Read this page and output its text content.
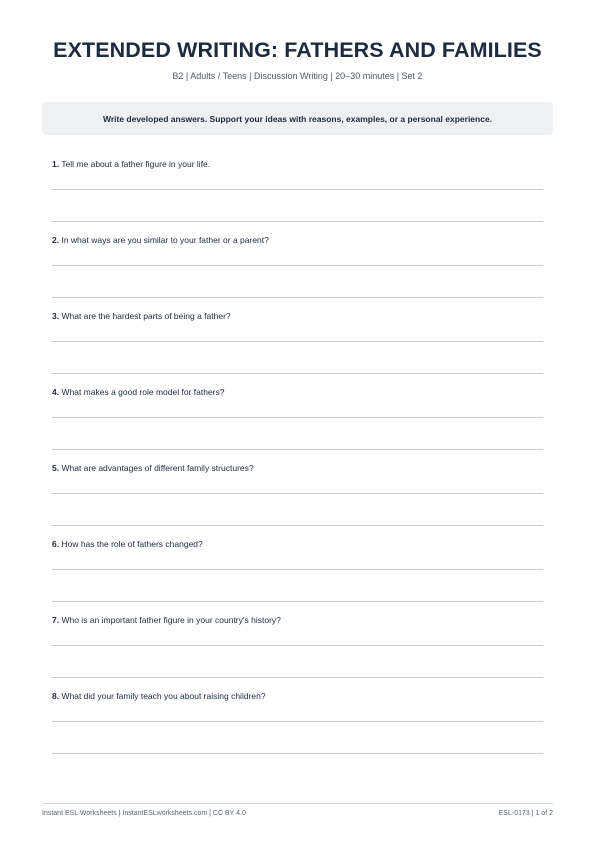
EXTENDED WRITING: FATHERS AND FAMILIES
B2 | Adults / Teens | Discussion Writing | 20–30 minutes | Set 2
Write developed answers. Support your ideas with reasons, examples, or a personal experience.
1. Tell me about a father figure in your life.
2. In what ways are you similar to your father or a parent?
3. What are the hardest parts of being a father?
4. What makes a good role model for fathers?
5. What are advantages of different family structures?
6. How has the role of fathers changed?
7. Who is an important father figure in your country's history?
8. What did your family teach you about raising children?
Instant ESL Worksheets | InstantESLworksheets.com | CC BY 4.0	ESL-0173 | 1 of 2
